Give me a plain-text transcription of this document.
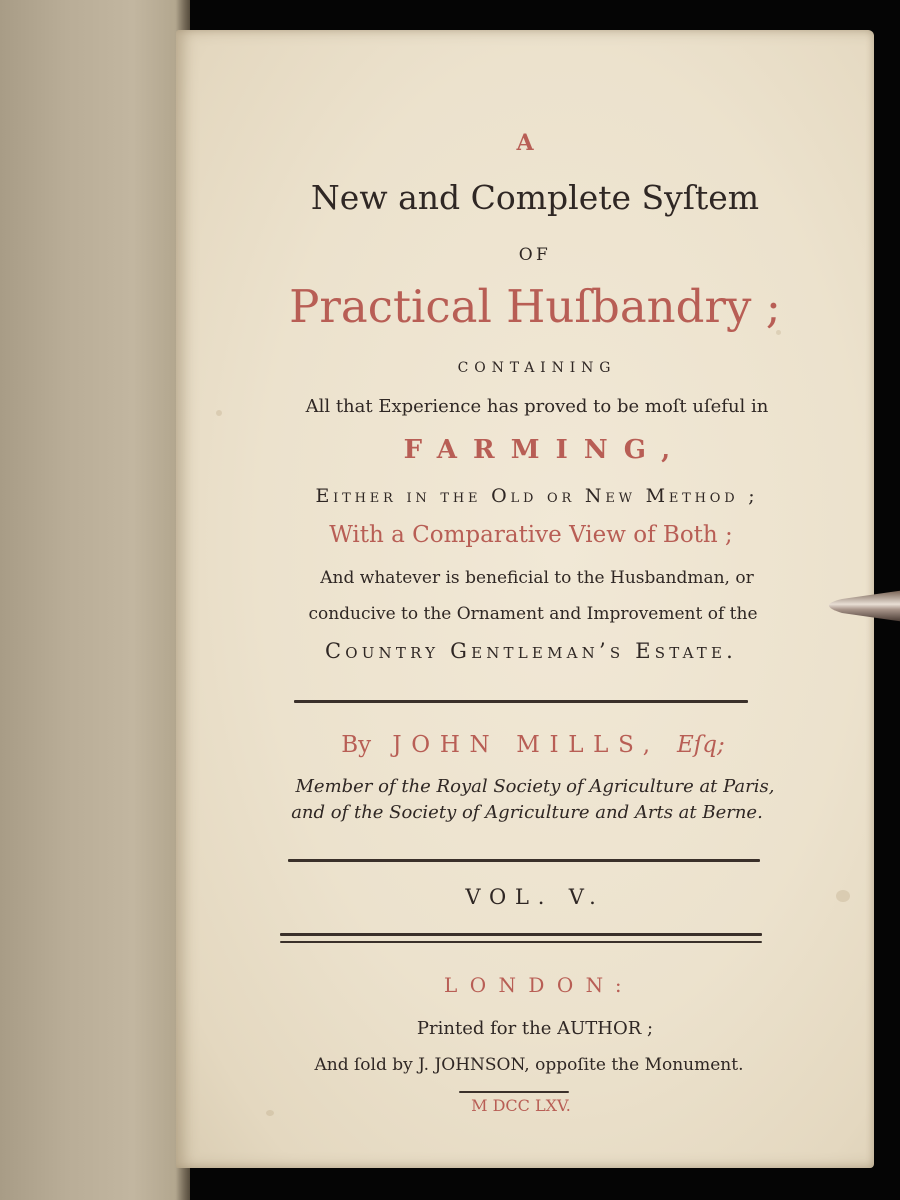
A

New and Complete Syſtem

OF

Practical Huſbandry ;

CONTAINING

All that Experience has proved to be moſt uſeful in

FARMING,

Either in the Old or New Method ;

With a Comparative View of Both ;

And whatever is beneficial to the Husbandman, or

conducive to the Ornament and Improvement of the

Country Gentleman’s Estate.

By JOHN MILLS, Eſq;

Member of the Royal Society of Agriculture at Paris,

and of the Society of Agriculture and Arts at Berne.

VOL. V.

LONDON:

Printed for the AUTHOR ;

And ſold by J. JOHNSON, oppoſite the Monument.

M DCC LXV.
